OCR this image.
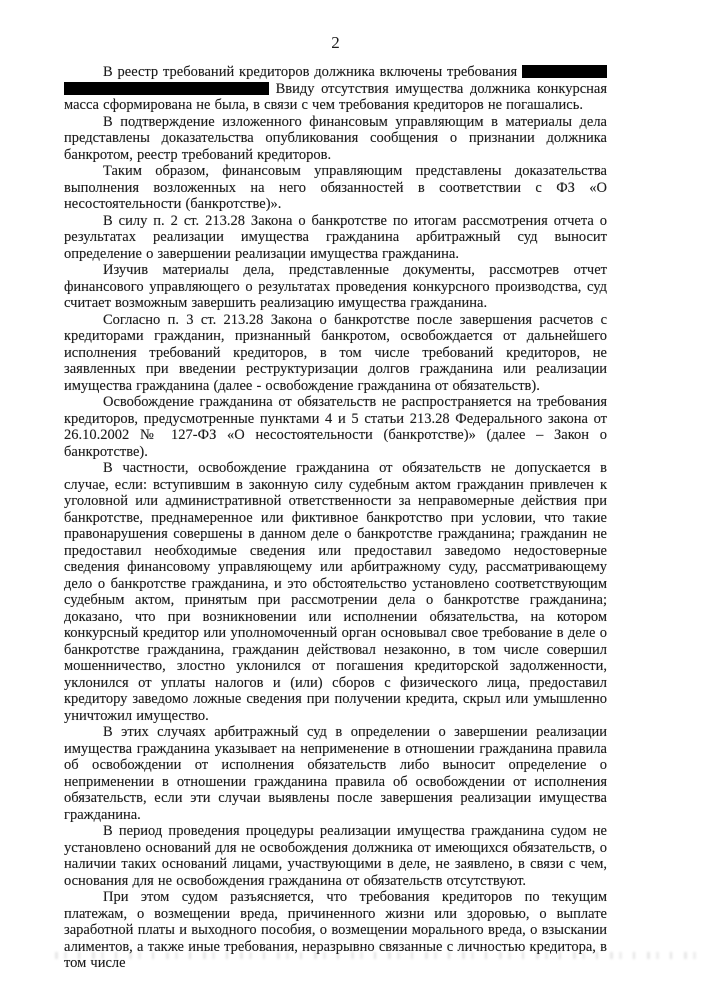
2

В реестр требований кредиторов должника включены требования   Ввиду отсутствия имущества должника конкурсная масса сформирована не была, в связи с чем требования кредиторов не погашались.

В подтверждение изложенного финансовым управляющим в материалы дела представлены доказательства опубликования сообщения о признании должника банкротом, реестр требований кредиторов.

Таким образом, финансовым управляющим представлены доказательства выполнения возложенных на него обязанностей в соответствии с ФЗ «О несостоятельности (банкротстве)».

В силу п. 2 ст. 213.28 Закона о банкротстве по итогам рассмотрения отчета о результатах реализации имущества гражданина арбитражный суд выносит определение о завершении реализации имущества гражданина.

Изучив материалы дела, представленные документы, рассмотрев отчет финансового управляющего о результатах проведения конкурсного производства, суд считает возможным завершить реализацию имущества гражданина.

Согласно п. 3 ст. 213.28 Закона о банкротстве после завершения расчетов с кредиторами гражданин, признанный банкротом, освобождается от дальнейшего исполнения требований кредиторов, в том числе требований кредиторов, не заявленных при введении реструктуризации долгов гражданина или реализации имущества гражданина (далее - освобождение гражданина от обязательств).

Освобождение гражданина от обязательств не распространяется на требования кредиторов, предусмотренные пунктами 4 и 5 статьи 213.28 Федерального закона от 26.10.2002 № 127-ФЗ «О несостоятельности (банкротстве)» (далее – Закон о банкротстве).

В частности, освобождение гражданина от обязательств не допускается в случае, если: вступившим в законную силу судебным актом гражданин привлечен к уголовной или административной ответственности за неправомерные действия при банкротстве, преднамеренное или фиктивное банкротство при условии, что такие правонарушения совершены в данном деле о банкротстве гражданина; гражданин не предоставил необходимые сведения или предоставил заведомо недостоверные сведения финансовому управляющему или арбитражному суду, рассматривающему дело о банкротстве гражданина, и это обстоятельство установлено соответствующим судебным актом, принятым при рассмотрении дела о банкротстве гражданина; доказано, что при возникновении или исполнении обязательства, на котором конкурсный кредитор или уполномоченный орган основывал свое требование в деле о банкротстве гражданина, гражданин действовал незаконно, в том числе совершил мошенничество, злостно уклонился от погашения кредиторской задолженности, уклонился от уплаты налогов и (или) сборов с физического лица, предоставил кредитору заведомо ложные сведения при получении кредита, скрыл или умышленно уничтожил имущество.

В этих случаях арбитражный суд в определении о завершении реализации имущества гражданина указывает на неприменение в отношении гражданина правила об освобождении от исполнения обязательств либо выносит определение о неприменении в отношении гражданина правила об освобождении от исполнения обязательств, если эти случаи выявлены после завершения реализации имущества гражданина.

В период проведения процедуры реализации имущества гражданина судом не установлено оснований для не освобождения должника от имеющихся обязательств, о наличии таких оснований лицами, участвующими в деле, не заявлено, в связи с чем, основания для не освобождения гражданина от обязательств отсутствуют.

При этом судом разъясняется, что требования кредиторов по текущим платежам, о возмещении вреда, причиненного жизни или здоровью, о выплате заработной платы и выходного пособия, о возмещении морального вреда, о взыскании алиментов, а также иные требования, неразрывно связанные с личностью кредитора, в том числе
